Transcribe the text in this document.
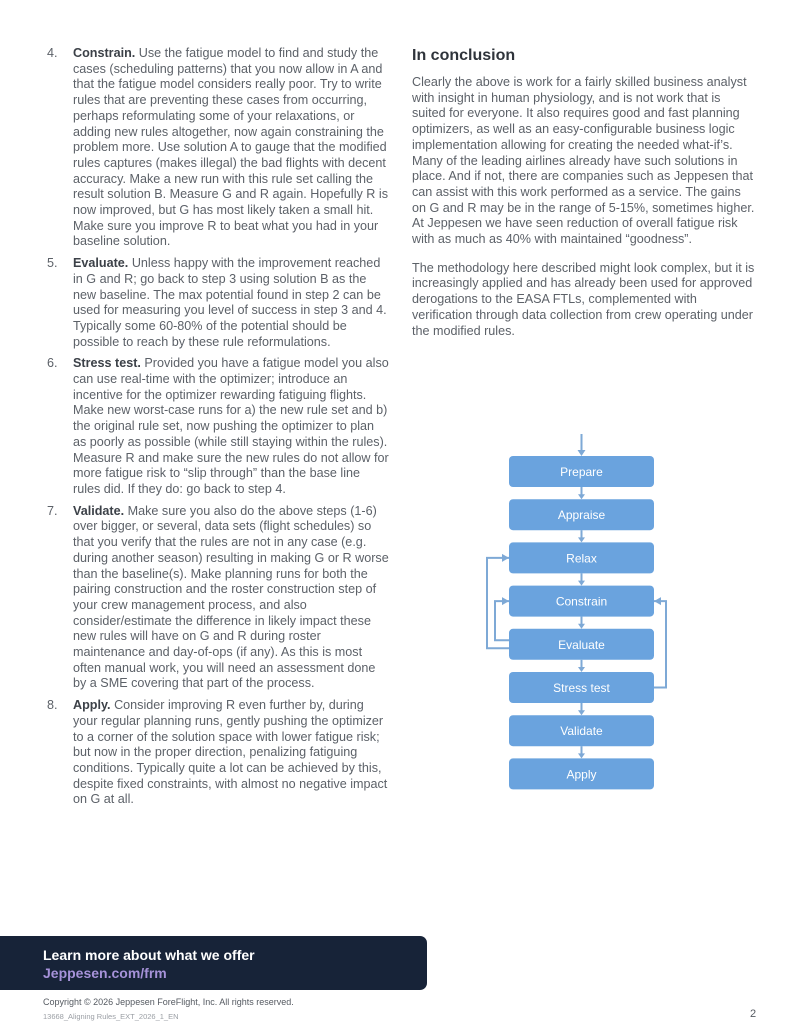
4. Constrain. Use the fatigue model to find and study the cases (scheduling patterns) that you now allow in A and that the fatigue model considers really poor. Try to write rules that are preventing these cases from occurring, perhaps reformulating some of your relaxations, or adding new rules altogether, now again constraining the problem more. Use solution A to gauge that the modified rules captures (makes illegal) the bad flights with decent accuracy. Make a new run with this rule set calling the result solution B. Measure G and R again. Hopefully R is now improved, but G has most likely taken a small hit. Make sure you improve R to beat what you had in your baseline solution.
5. Evaluate. Unless happy with the improvement reached in G and R; go back to step 3 using solution B as the new baseline. The max potential found in step 2 can be used for measuring you level of success in step 3 and 4. Typically some 60-80% of the potential should be possible to reach by these rule reformulations.
6. Stress test. Provided you have a fatigue model you also can use real-time with the optimizer; introduce an incentive for the optimizer rewarding fatiguing flights. Make new worst-case runs for a) the new rule set and b) the original rule set, now pushing the optimizer to plan as poorly as possible (while still staying within the rules). Measure R and make sure the new rules do not allow for more fatigue risk to “slip through” than the base line rules did. If they do: go back to step 4.
7. Validate. Make sure you also do the above steps (1-6) over bigger, or several, data sets (flight schedules) so that you verify that the rules are not in any case (e.g. during another season) resulting in making G or R worse than the baseline(s). Make planning runs for both the pairing construction and the roster construction step of your crew management process, and also consider/estimate the difference in likely impact these new rules will have on G and R during roster maintenance and day-of-ops (if any). As this is most often manual work, you will need an assessment done by a SME covering that part of the process.
8. Apply. Consider improving R even further by, during your regular planning runs, gently pushing the optimizer to a corner of the solution space with lower fatigue risk; but now in the proper direction, penalizing fatiguing conditions. Typically quite a lot can be achieved by this, despite fixed constraints, with almost no negative impact on G at all.
In conclusion

Clearly the above is work for a fairly skilled business analyst with insight in human physiology, and is not work that is suited for everyone. It also requires good and fast planning optimizers, as well as an easy-configurable business logic implementation allowing for creating the needed what-if’s. Many of the leading airlines already have such solutions in place. And if not, there are companies such as Jeppesen that can assist with this work performed as a service. The gains on G and R may be in the range of 5-15%, sometimes higher. At Jeppesen we have seen reduction of overall fatigue risk with as much as 40% with maintained “goodness”.

The methodology here described might look complex, but it is increasingly applied and has already been used for approved derogations to the EASA FTLs, complemented with verification through data collection from crew operating under the modified rules.

Prepare
Appraise
Relax
Constrain
Evaluate
Stress test
Validate
Apply
Learn more about what we offer
Jeppesen.com/frm
Copyright © 2026 Jeppesen ForeFlight, Inc. All rights reserved.
13668_Aligning Rules_EXT_2026_1_EN	2
